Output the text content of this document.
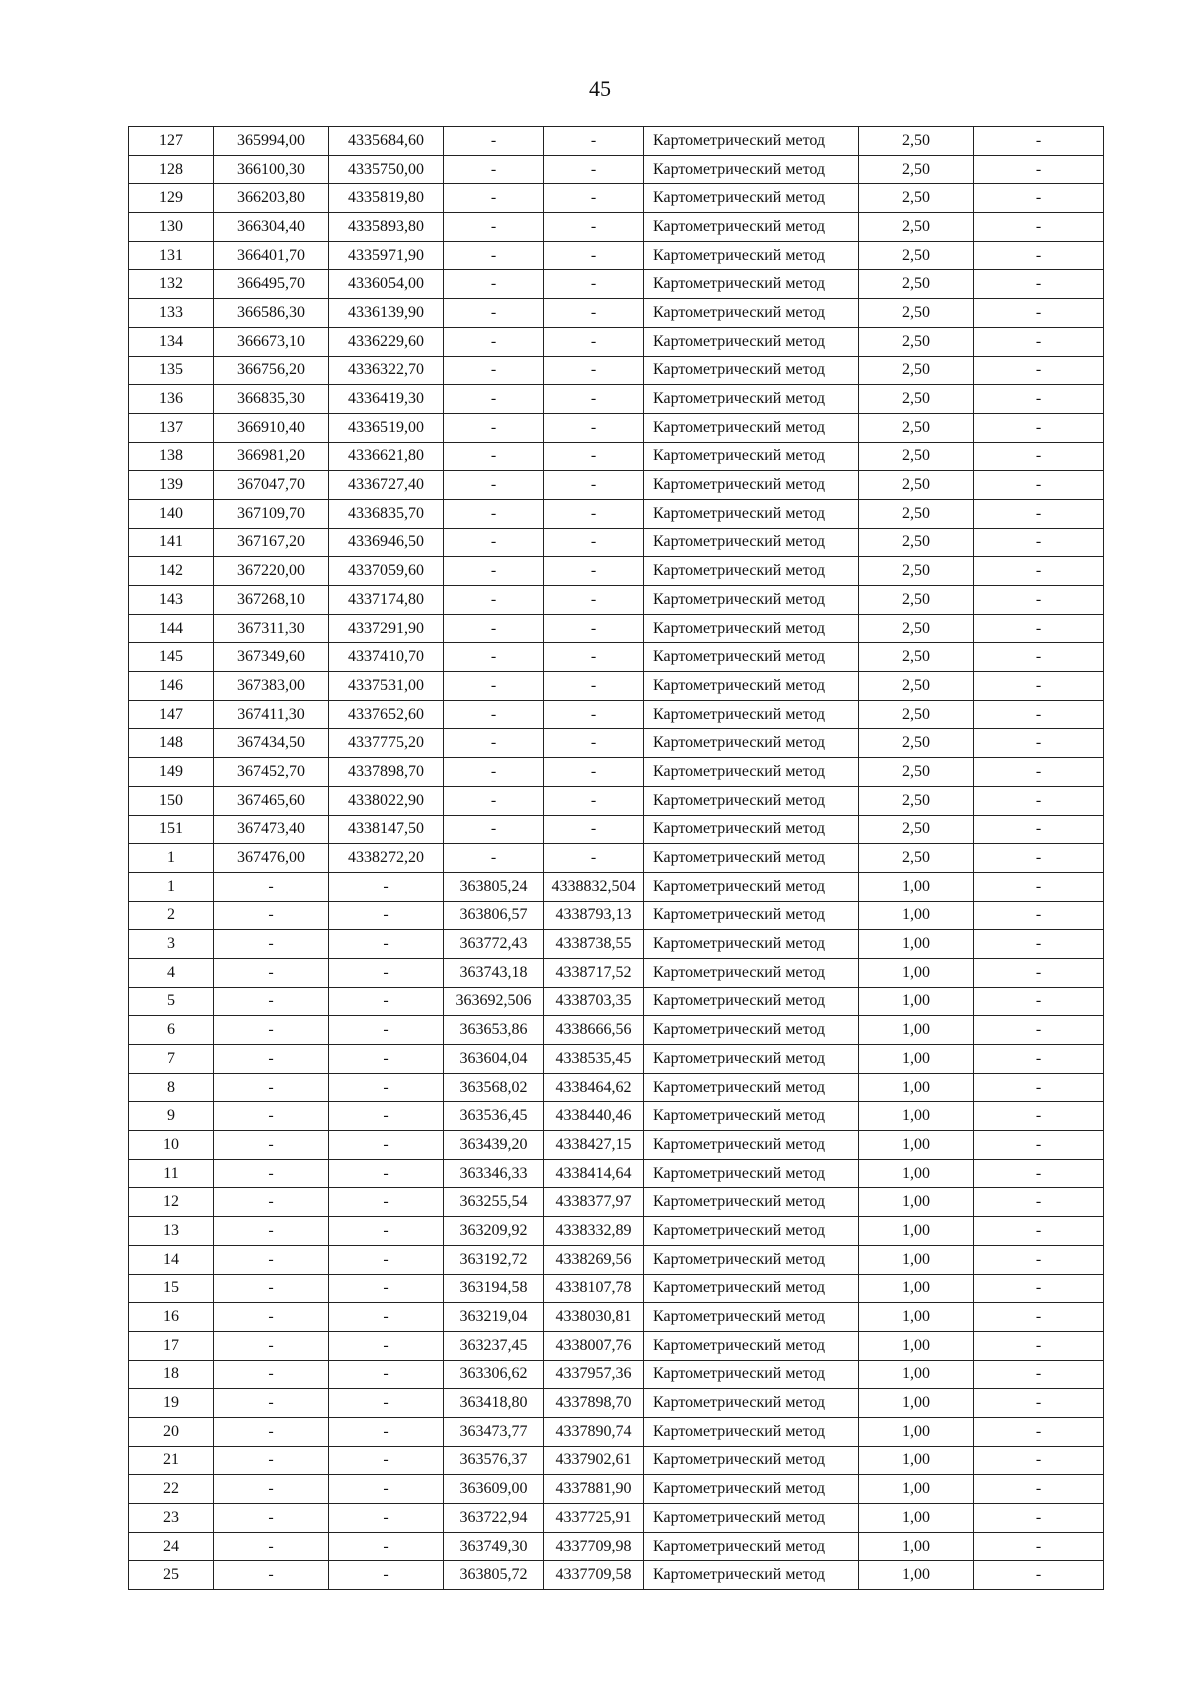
45
127	365994,00	4335684,60	-	-	Картометрический метод	2,50	-
128	366100,30	4335750,00	-	-	Картометрический метод	2,50	-
129	366203,80	4335819,80	-	-	Картометрический метод	2,50	-
130	366304,40	4335893,80	-	-	Картометрический метод	2,50	-
131	366401,70	4335971,90	-	-	Картометрический метод	2,50	-
132	366495,70	4336054,00	-	-	Картометрический метод	2,50	-
133	366586,30	4336139,90	-	-	Картометрический метод	2,50	-
134	366673,10	4336229,60	-	-	Картометрический метод	2,50	-
135	366756,20	4336322,70	-	-	Картометрический метод	2,50	-
136	366835,30	4336419,30	-	-	Картометрический метод	2,50	-
137	366910,40	4336519,00	-	-	Картометрический метод	2,50	-
138	366981,20	4336621,80	-	-	Картометрический метод	2,50	-
139	367047,70	4336727,40	-	-	Картометрический метод	2,50	-
140	367109,70	4336835,70	-	-	Картометрический метод	2,50	-
141	367167,20	4336946,50	-	-	Картометрический метод	2,50	-
142	367220,00	4337059,60	-	-	Картометрический метод	2,50	-
143	367268,10	4337174,80	-	-	Картометрический метод	2,50	-
144	367311,30	4337291,90	-	-	Картометрический метод	2,50	-
145	367349,60	4337410,70	-	-	Картометрический метод	2,50	-
146	367383,00	4337531,00	-	-	Картометрический метод	2,50	-
147	367411,30	4337652,60	-	-	Картометрический метод	2,50	-
148	367434,50	4337775,20	-	-	Картометрический метод	2,50	-
149	367452,70	4337898,70	-	-	Картометрический метод	2,50	-
150	367465,60	4338022,90	-	-	Картометрический метод	2,50	-
151	367473,40	4338147,50	-	-	Картометрический метод	2,50	-
1	367476,00	4338272,20	-	-	Картометрический метод	2,50	-
1	-	-	363805,24	4338832,504	Картометрический метод	1,00	-
2	-	-	363806,57	4338793,13	Картометрический метод	1,00	-
3	-	-	363772,43	4338738,55	Картометрический метод	1,00	-
4	-	-	363743,18	4338717,52	Картометрический метод	1,00	-
5	-	-	363692,506	4338703,35	Картометрический метод	1,00	-
6	-	-	363653,86	4338666,56	Картометрический метод	1,00	-
7	-	-	363604,04	4338535,45	Картометрический метод	1,00	-
8	-	-	363568,02	4338464,62	Картометрический метод	1,00	-
9	-	-	363536,45	4338440,46	Картометрический метод	1,00	-
10	-	-	363439,20	4338427,15	Картометрический метод	1,00	-
11	-	-	363346,33	4338414,64	Картометрический метод	1,00	-
12	-	-	363255,54	4338377,97	Картометрический метод	1,00	-
13	-	-	363209,92	4338332,89	Картометрический метод	1,00	-
14	-	-	363192,72	4338269,56	Картометрический метод	1,00	-
15	-	-	363194,58	4338107,78	Картометрический метод	1,00	-
16	-	-	363219,04	4338030,81	Картометрический метод	1,00	-
17	-	-	363237,45	4338007,76	Картометрический метод	1,00	-
18	-	-	363306,62	4337957,36	Картометрический метод	1,00	-
19	-	-	363418,80	4337898,70	Картометрический метод	1,00	-
20	-	-	363473,77	4337890,74	Картометрический метод	1,00	-
21	-	-	363576,37	4337902,61	Картометрический метод	1,00	-
22	-	-	363609,00	4337881,90	Картометрический метод	1,00	-
23	-	-	363722,94	4337725,91	Картометрический метод	1,00	-
24	-	-	363749,30	4337709,98	Картометрический метод	1,00	-
25	-	-	363805,72	4337709,58	Картометрический метод	1,00	-
